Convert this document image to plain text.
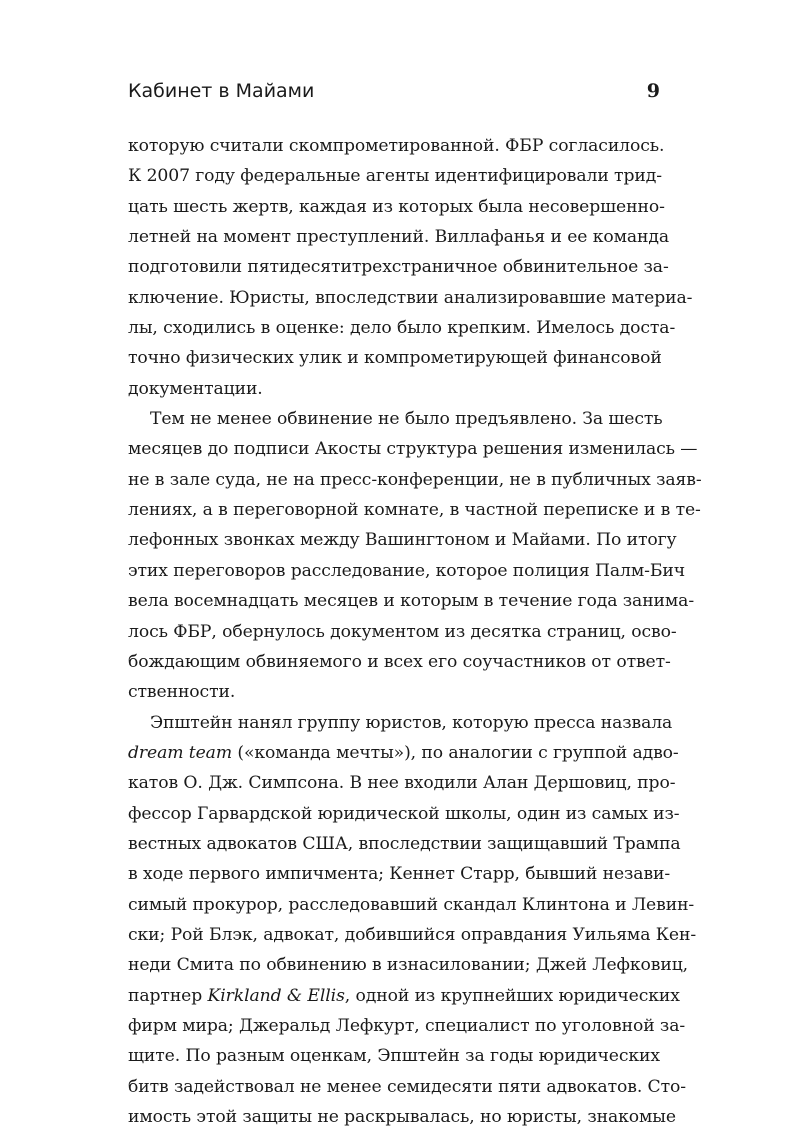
Кабинет в Майами	9
которую считали скомпрометированной. ФБР согласилось.
К 2007 году федеральные агенты идентифицировали трид-
цать шесть жертв, каждая из которых была несовершенно-
летней на момент преступлений. Виллафанья и ее команда
подготовили пятидесятитрехстраничное обвинительное за-
ключение. Юристы, впоследствии анализировавшие материа-
лы, сходились в оценке: дело было крепким. Имелось доста-
точно физических улик и компрометирующей финансовой
документации.
Тем не менее обвинение не было предъявлено. За шесть
месяцев до подписи Акосты структура решения изменилась —
не в зале суда, не на пресс-конференции, не в публичных заяв-
лениях, а в переговорной комнате, в частной переписке и в те-
лефонных звонках между Вашингтоном и Майами. По итогу
этих переговоров расследование, которое полиция Палм-Бич
вела восемнадцать месяцев и которым в течение года занима-
лось ФБР, обернулось документом из десятка страниц, осво-
бождающим обвиняемого и всех его соучастников от ответ-
ственности.
Эпштейн нанял группу юристов, которую пресса назвала
dream team («команда мечты»), по аналогии с группой адво-
катов О. Дж. Симпсона. В нее входили Алан Дершовиц, про-
фессор Гарвардской юридической школы, один из самых из-
вестных адвокатов США, впоследствии защищавший Трампа
в ходе первого импичмента; Кеннет Старр, бывший незави-
симый прокурор, расследовавший скандал Клинтона и Левин-
ски; Рой Блэк, адвокат, добившийся оправдания Уильяма Кен-
неди Смита по обвинению в изнасиловании; Джей Лефковиц,
партнер Kirkland & Ellis, одной из крупнейших юридических
фирм мира; Джеральд Лефкурт, специалист по уголовной за-
щите. По разным оценкам, Эпштейн за годы юридических
битв задействовал не менее семидесяти пяти адвокатов. Сто-
имость этой защиты не раскрывалась, но юристы, знакомые
